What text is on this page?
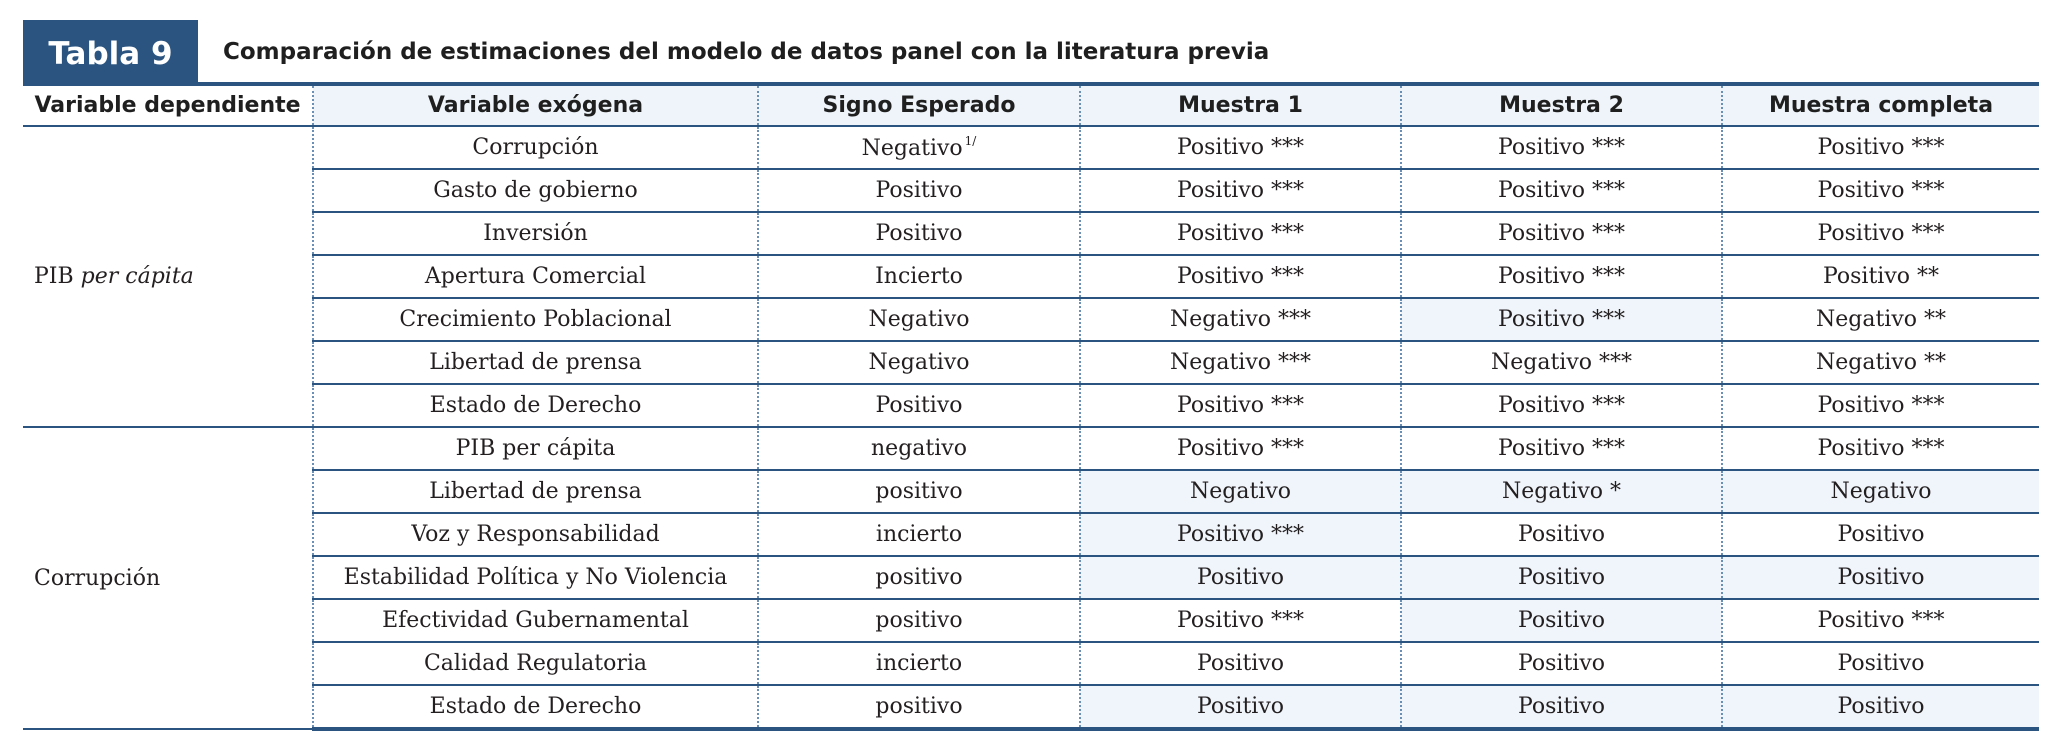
Tabla 9	Comparación de estimaciones del modelo de datos panel con la literatura previa
Variable dependiente	Variable exógena	Signo Esperado	Muestra 1	Muestra 2	Muestra completa
PIB per cápita	Corrupción	Negativo $^{1/}$	Positivo ***	Positivo ***	Positivo ***
	Gasto de gobierno	Positivo	Positivo ***	Positivo ***	Positivo ***
	Inversión	Positivo	Positivo ***	Positivo ***	Positivo ***
	Apertura Comercial	Incierto	Positivo ***	Positivo ***	Positivo **
	Crecimiento Poblacional	Negativo	Negativo ***	Positivo ***	Negativo **
	Libertad de prensa	Negativo	Negativo ***	Negativo ***	Negativo **
	Estado de Derecho	Positivo	Positivo ***	Positivo ***	Positivo ***
Corrupción	PIB per cápita	negativo	Positivo ***	Positivo ***	Positivo ***
	Libertad de prensa	positivo	Negativo	Negativo *	Negativo
	Voz y Responsabilidad	incierto	Positivo ***	Positivo	Positivo
	Estabilidad Política y No Violencia	positivo	Positivo	Positivo	Positivo
	Efectividad Gubernamental	positivo	Positivo ***	Positivo	Positivo ***
	Calidad Regulatoria	incierto	Positivo	Positivo	Positivo
	Estado de Derecho	positivo	Positivo	Positivo	Positivo
